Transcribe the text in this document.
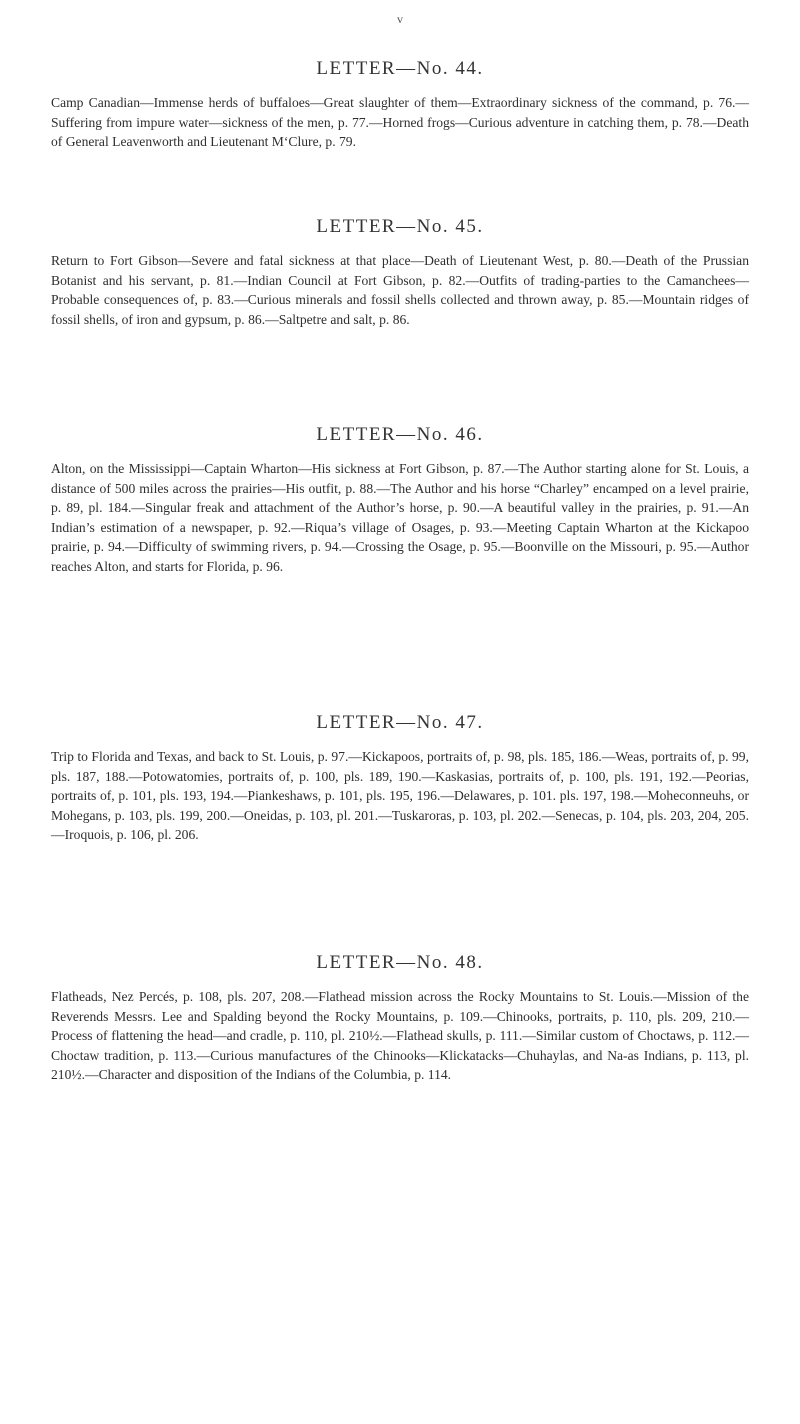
v
LETTER—No. 44.

Camp Canadian—Immense herds of buffaloes—Great slaughter of them—Extraordinary sickness of the command, p. 76.—Suffering from impure water—sickness of the men, p. 77.—Horned frogs—Curious adventure in catching them, p. 78.—Death of General Leavenworth and Lieutenant M‘Clure, p. 79.

LETTER—No. 45.

Return to Fort Gibson—Severe and fatal sickness at that place—Death of Lieutenant West, p. 80.—Death of the Prussian Botanist and his servant, p. 81.—Indian Council at Fort Gibson, p. 82.—Outfits of trading-parties to the Camanchees—Probable consequences of, p. 83.—Curious minerals and fossil shells collected and thrown away, p. 85.—Mountain ridges of fossil shells, of iron and gypsum, p. 86.—Saltpetre and salt, p. 86.

LETTER—No. 46.

Alton, on the Mississippi—Captain Wharton—His sickness at Fort Gibson, p. 87.—The Author starting alone for St. Louis, a distance of 500 miles across the prairies—His outfit, p. 88.—The Author and his horse “Charley” encamped on a level prairie, p. 89, pl. 184.—Singular freak and attachment of the Author’s horse, p. 90.—A beautiful valley in the prairies, p. 91.—An Indian’s estimation of a newspaper, p. 92.—Riqua’s village of Osages, p. 93.—Meeting Captain Wharton at the Kickapoo prairie, p. 94.—Difficulty of swimming rivers, p. 94.—Crossing the Osage, p. 95.—Boonville on the Missouri, p. 95.—Author reaches Alton, and starts for Florida, p. 96.

LETTER—No. 47.

Trip to Florida and Texas, and back to St. Louis, p. 97.—Kickapoos, portraits of, p. 98, pls. 185, 186.—Weas, portraits of, p. 99, pls. 187, 188.—Potowatomies, portraits of, p. 100, pls. 189, 190.—Kaskasias, portraits of, p. 100, pls. 191, 192.—Peorias, portraits of, p. 101, pls. 193, 194.—Piankeshaws, p. 101, pls. 195, 196.—Delawares, p. 101. pls. 197, 198.—Moheconneuhs, or Mohegans, p. 103, pls. 199, 200.—Oneidas, p. 103, pl. 201.—Tuskaroras, p. 103, pl. 202.—Senecas, p. 104, pls. 203, 204, 205.—Iroquois, p. 106, pl. 206.

LETTER—No. 48.

Flatheads, Nez Percés, p. 108, pls. 207, 208.—Flathead mission across the Rocky Mountains to St. Louis.—Mission of the Reverends Messrs. Lee and Spalding beyond the Rocky Mountains, p. 109.—Chinooks, portraits, p. 110, pls. 209, 210.—Process of flattening the head—and cradle, p. 110, pl. 210½.—Flathead skulls, p. 111.—Similar custom of Choctaws, p. 112.—Choctaw tradition, p. 113.—Curious manufactures of the Chinooks—Klickatacks—Chuhaylas, and Na-as Indians, p. 113, pl. 210½.—Character and disposition of the Indians of the Columbia, p. 114.
